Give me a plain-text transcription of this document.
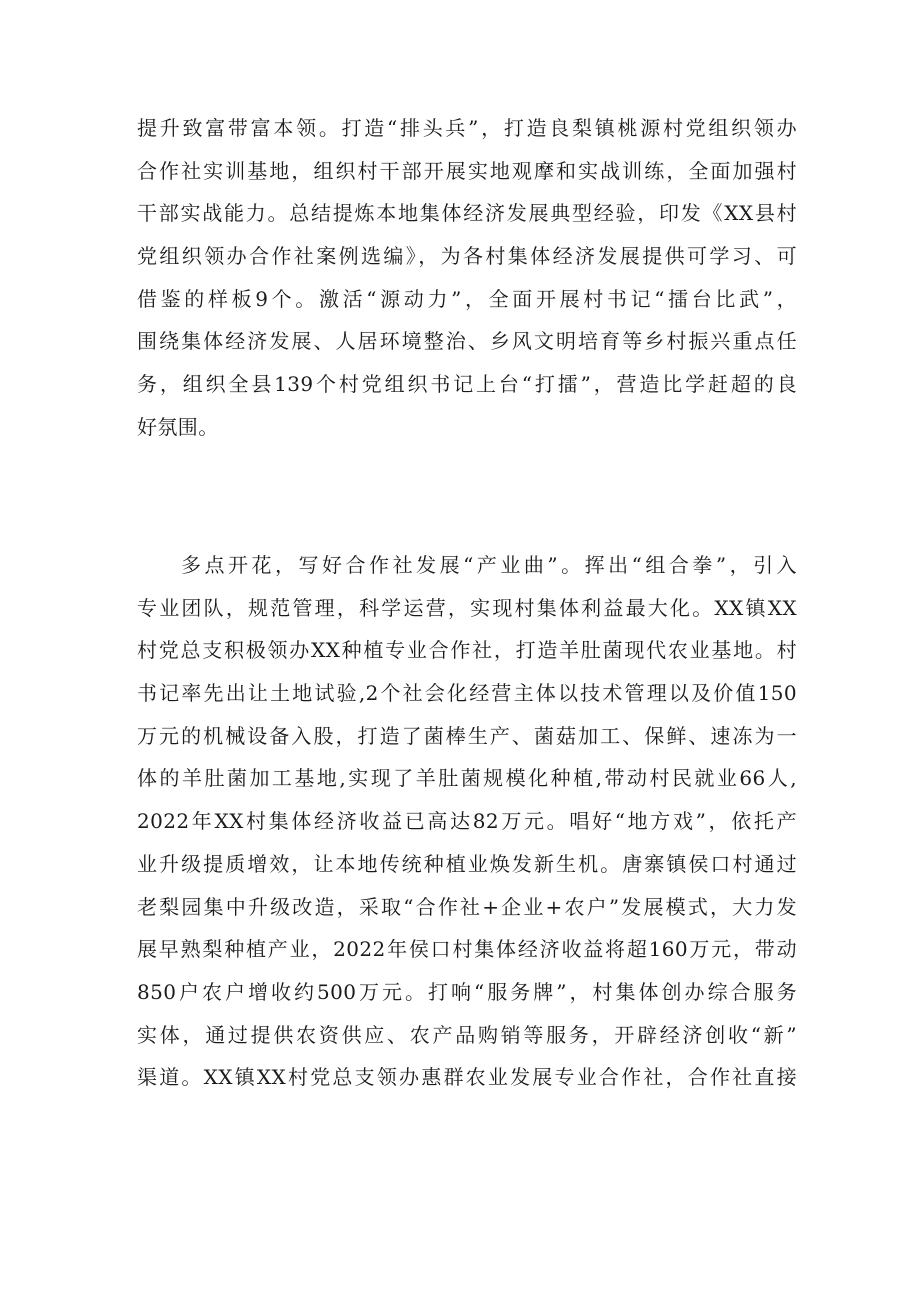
提升致富带富本领。打造“排头兵”，打造良梨镇桃源村党组织领办
合作社实训基地，组织村干部开展实地观摩和实战训练，全面加强村
干部实战能力。总结提炼本地集体经济发展典型经验，印发《XX县村
党组织领办合作社案例选编》，为各村集体经济发展提供可学习、可
借鉴的样板9个。激活“源动力”，全面开展村书记“擂台比武”，
围绕集体经济发展、人居环境整治、乡风文明培育等乡村振兴重点任
务，组织全县139个村党组织书记上台“打擂”，营造比学赶超的良
好氛围。
多点开花，写好合作社发展“产业曲”。挥出“组合拳”，引入
专业团队，规范管理，科学运营，实现村集体利益最大化。XX镇XX
村党总支积极领办XX种植专业合作社，打造羊肚菌现代农业基地。村
书记率先出让土地试验,2个社会化经营主体以技术管理以及价值150
万元的机械设备入股，打造了菌棒生产、菌菇加工、保鲜、速冻为一
体的羊肚菌加工基地,实现了羊肚菌规模化种植,带动村民就业66人,
2022年XX村集体经济收益已高达82万元。唱好“地方戏”，依托产
业升级提质增效，让本地传统种植业焕发新生机。唐寨镇侯口村通过
老梨园集中升级改造，采取“合作社+企业+农户”发展模式，大力发
展早熟梨种植产业，2022年侯口村集体经济收益将超160万元，带动
850户农户增收约500万元。打响“服务牌”，村集体创办综合服务
实体，通过提供农资供应、农产品购销等服务，开辟经济创收“新”
渠道。XX镇XX村党总支领办惠群农业发展专业合作社，合作社直接
